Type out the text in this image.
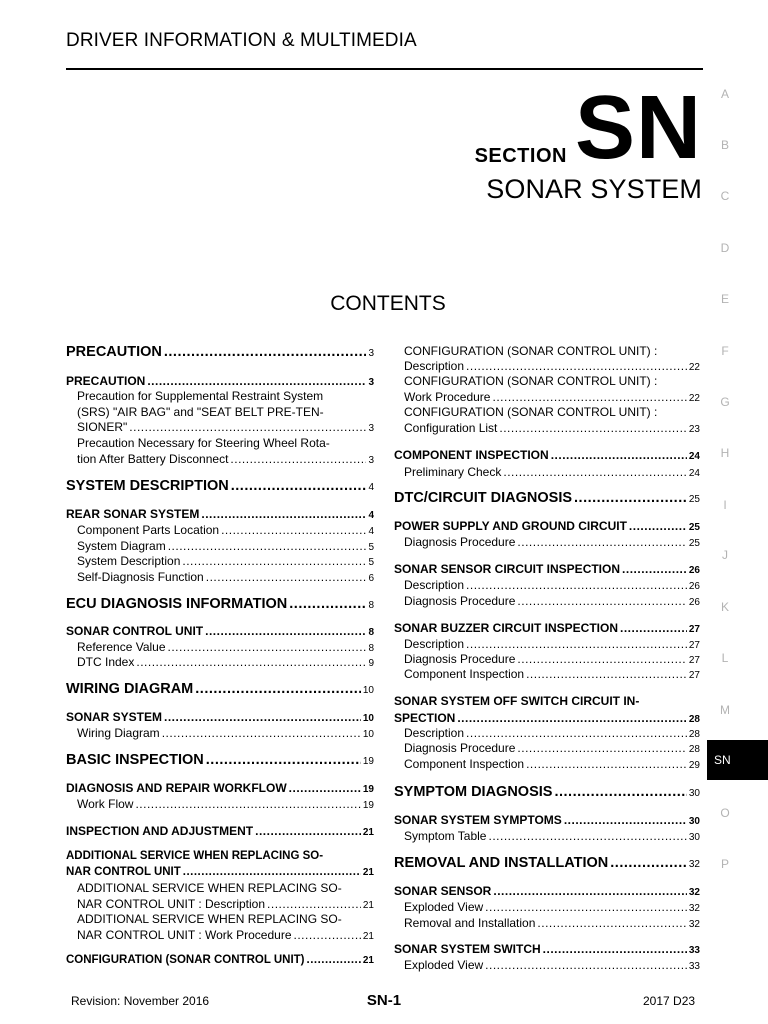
DRIVER INFORMATION & MULTIMEDIA
SECTION SN
SONAR SYSTEM
CONTENTS
PRECAUTION .....	3
PRECAUTION .....	3
Precaution for Supplemental Restraint System
(SRS) "AIR BAG" and "SEAT BELT PRE-TEN-
SIONER" .....	3
Precaution Necessary for Steering Wheel Rota-
tion After Battery Disconnect .....	3
SYSTEM DESCRIPTION .....	4
REAR SONAR SYSTEM .....	4
Component Parts Location .....	4
System Diagram .....	5
System Description .....	5
Self-Diagnosis Function .....	6
ECU DIAGNOSIS INFORMATION .....	8
SONAR CONTROL UNIT .....	8
Reference Value .....	8
DTC Index .....	9
WIRING DIAGRAM .....	10
SONAR SYSTEM .....	10
Wiring Diagram .....	10
BASIC INSPECTION .....	19
DIAGNOSIS AND REPAIR WORKFLOW .....	19
Work Flow .....	19
INSPECTION AND ADJUSTMENT .....	21
ADDITIONAL SERVICE WHEN REPLACING SO-
NAR CONTROL UNIT .....	21
ADDITIONAL SERVICE WHEN REPLACING SO-
NAR CONTROL UNIT : Description .....	21
ADDITIONAL SERVICE WHEN REPLACING SO-
NAR CONTROL UNIT : Work Procedure .....	21
CONFIGURATION (SONAR CONTROL UNIT) .....	21
CONFIGURATION (SONAR CONTROL UNIT) :
Description .....	22
CONFIGURATION (SONAR CONTROL UNIT) :
Work Procedure .....	22
CONFIGURATION (SONAR CONTROL UNIT) :
Configuration List .....	23
COMPONENT INSPECTION .....	24
Preliminary Check .....	24
DTC/CIRCUIT DIAGNOSIS .....	25
POWER SUPPLY AND GROUND CIRCUIT .....	25
Diagnosis Procedure .....	25
SONAR SENSOR CIRCUIT INSPECTION .....	26
Description .....	26
Diagnosis Procedure .....	26
SONAR BUZZER CIRCUIT INSPECTION .....	27
Description .....	27
Diagnosis Procedure .....	27
Component Inspection .....	27
SONAR SYSTEM OFF SWITCH CIRCUIT IN-
SPECTION .....	28
Description .....	28
Diagnosis Procedure .....	28
Component Inspection .....	29
SYMPTOM DIAGNOSIS .....	30
SONAR SYSTEM SYMPTOMS .....	30
Symptom Table .....	30
REMOVAL AND INSTALLATION .....	32
SONAR SENSOR .....	32
Exploded View .....	32
Removal and Installation .....	32
SONAR SYSTEM SWITCH .....	33
Exploded View .....	33
A
B
C
D
E
F
G
H
I
J
K
L
M
SN
O
P
Revision: November 2016	SN-1	2017 D23
